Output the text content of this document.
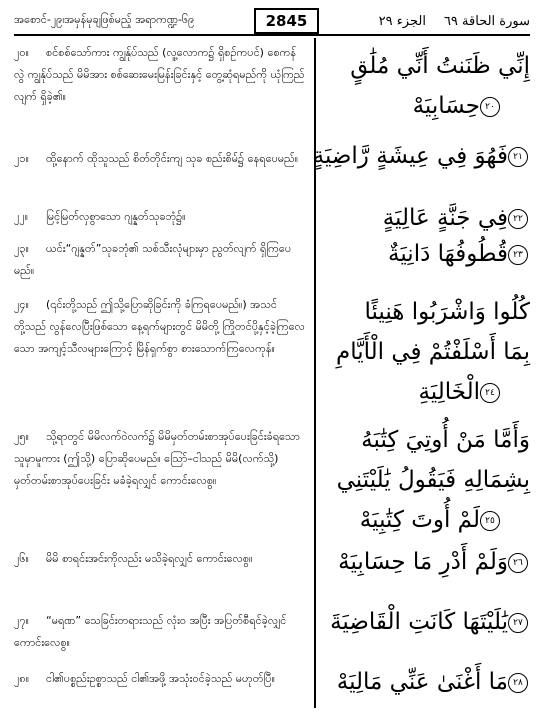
အစောင်-၂၉၊အမှန်မုချဖြစ်မည့် အရာကဏ္ဍ-၆၉	2845	سورة الحاقة ٦٩
الجزء ٢٩
၂၀။ စင်စစ်သော်ကား ကျွန်ုပ်သည် (လူ့လောက၌ ရှိစဉ်ကပင်) စေကန်လွဲ ကျွန်ုပ်သည် မိမိအား စစ်ဆေးမေးမြန်းခြင်းနှင့် တွေ့ဆုံရမည်ကို ယုံကြည်လျက် ရှိခဲ့၏။
၂၁။ ထို့နောက် ထိုသူသည် စိတ်တိုင်းကျ သုခ စည်းစိမ်၌ နေရပေမည်။
၂၂။ မြင့်မြတ်လှစွာသော ဂျန္နတ်သုခဘုံ၌။
၂၃။ ယင်း“ဂျန္နတ်”သုခဘုံ၏ သစ်သီးလုံများမှာ ညွတ်လျက် ရှိကြပေမည်။
၂၄။ (၎င်းတို့သည် ဤသို့ပြောဆိုခြင်းကို ခံကြရပေမည်။) အသင်တို့သည် လွန်လေပြီးဖြစ်သော နေ့ရက်များတွင် မိမိတို့ ကြိုတင်ပို့နှင့်ခဲ့ကြလေသော အကျင့်သီလများကြောင့် မြိန်ရှက်စွာ စားသောက်ကြလေကုန်။
၂၅။ သို့ရာတွင် မိမိလက်ဝဲလက်၌ မိမိမှတ်တမ်းစာအုပ်ပေးခြင်းခံရသောသူမှာမူကား (ဤသို့) ပြောဆိုပေမည်။ ဩော်–ငါသည် မိမိ(လက်သို့) မှတ်တမ်းစာအုပ်ပေးခြင်း မခံခဲ့ရလျှင် ကောင်းလေစွ။
၂၆။ မိမိ စာရင်းအင်းကိုလည်း မသိခဲ့ရလျှင် ကောင်းလေစွ။
၂၇။ “မရဏ” သေခြင်းတရားသည် လုံး၀ အပြီး အပြတ်စီရင်ခဲ့လျှင် ကောင်းလေစွ။
၂၈။ ငါ၏ပစ္စည်းဥစ္စာသည် ငါ၏အဖို့ အသုံးဝင်ခဲ့သည် မဟုတ်ပြီ။
إِنِّي ظَنَنتُ أَنِّي مُلَٰقٍ
٢٠حِسَابِيَهْ
٢١فَهُوَ فِي عِيشَةٍ رَّاضِيَةٍ
٢٢فِي جَنَّةٍ عَالِيَةٍ
٢٣قُطُوفُهَا دَانِيَةٌ
كُلُوا وَاشْرَبُوا هَنِيئًا
بِمَا أَسْلَفْتُمْ فِي الْأَيَّامِ
٢٤الْخَالِيَةِ
وَأَمَّا مَنْ أُوتِيَ كِتَٰبَهُ
بِشِمَالِهِ فَيَقُولُ يَٰلَيْتَنِي
٢٥لَمْ أُوتَ كِتَٰبِيَهْ
٢٦وَلَمْ أَدْرِ مَا حِسَابِيَهْ
٢٧يَٰلَيْتَهَا كَانَتِ الْقَاضِيَةَ
٢٨مَا أَغْنَىٰ عَنِّي مَالِيَهْ
